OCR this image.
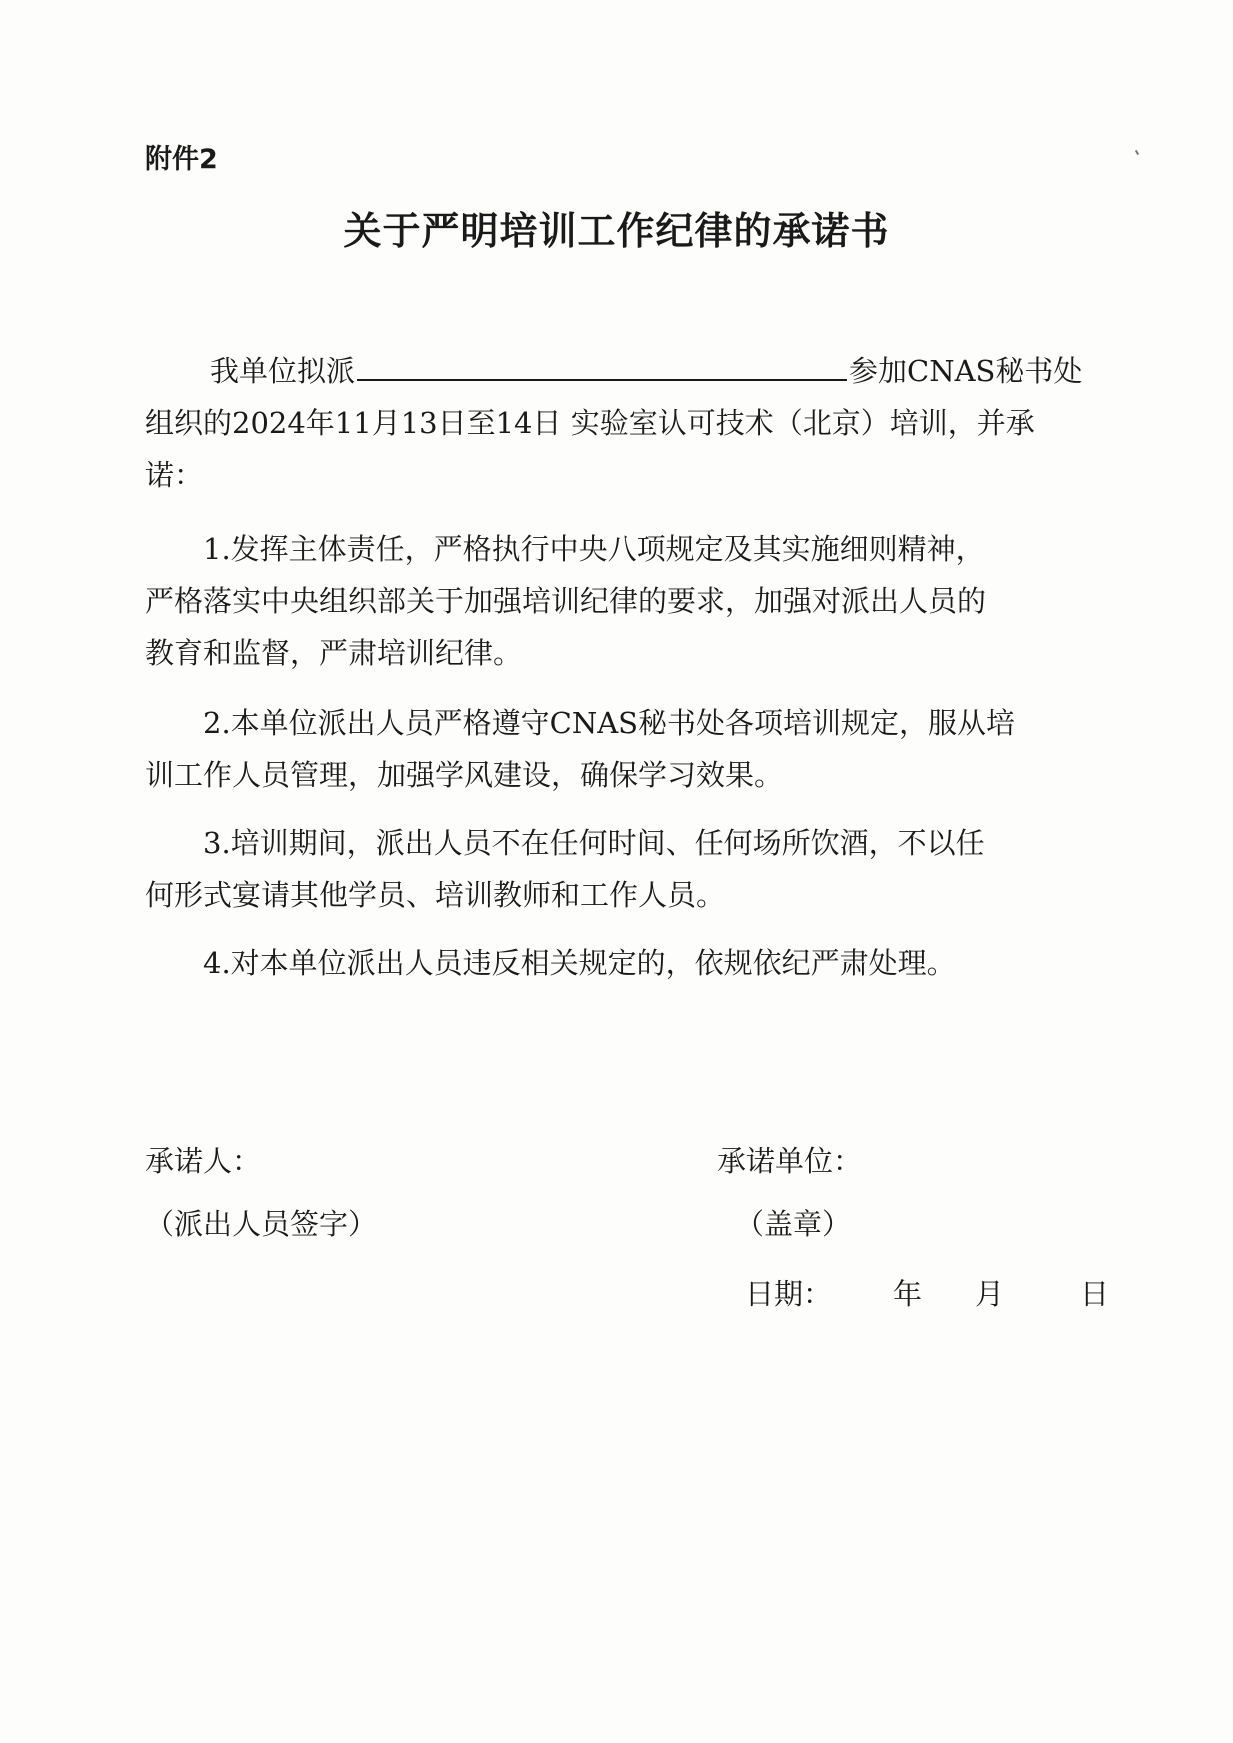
附件2
关于严明培训工作纪律的承诺书
我单位拟派	参加CNAS秘书处
组织的2024年11月13日至14日 实验室认可技术（北京）培训，并承
诺：
1.发挥主体责任，严格执行中央八项规定及其实施细则精神，
严格落实中央组织部关于加强培训纪律的要求，加强对派出人员的
教育和监督，严肃培训纪律。
2.本单位派出人员严格遵守CNAS秘书处各项培训规定，服从培
训工作人员管理，加强学风建设，确保学习效果。
3.培训期间，派出人员不在任何时间、任何场所饮酒，不以任
何形式宴请其他学员、培训教师和工作人员。
4.对本单位派出人员违反相关规定的，依规依纪严肃处理。
承诺人：
（派出人员签字）
承诺单位：
（盖章）
日期： 年 月	日
